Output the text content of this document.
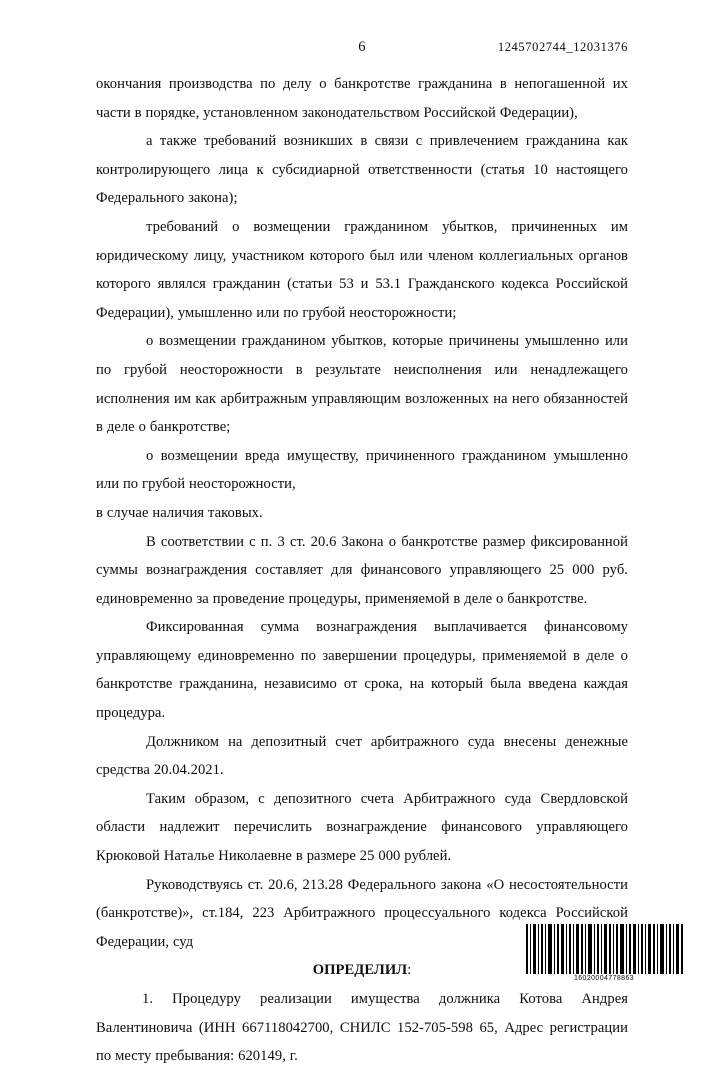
6	1245702744_12031376

окончания производства по делу о банкротстве гражданина в непогашенной их части в порядке, установленном законодательством Российской Федерации),

а также требований возникших в связи с привлечением гражданина как контролирующего лица к субсидиарной ответственности (статья 10 настоящего Федерального закона);

требований о возмещении гражданином убытков, причиненных им юридическому лицу, участником которого был или членом коллегиальных органов которого являлся гражданин (статьи 53 и 53.1 Гражданского кодекса Российской Федерации), умышленно или по грубой неосторожности;

о возмещении гражданином убытков, которые причинены умышленно или по грубой неосторожности в результате неисполнения или ненадлежащего исполнения им как арбитражным управляющим возложенных на него обязанностей в деле о банкротстве;

о возмещении вреда имуществу, причиненного гражданином умышленно или по грубой неосторожности,

в случае наличия таковых.

В соответствии с п. 3 ст. 20.6 Закона о банкротстве размер фиксированной суммы вознаграждения составляет для финансового управляющего 25 000 руб. единовременно за проведение процедуры, применяемой в деле о банкротстве.

Фиксированная сумма вознаграждения выплачивается финансовому управляющему единовременно по завершении процедуры, применяемой в деле о банкротстве гражданина, независимо от срока, на который была введена каждая процедура.

Должником на депозитный счет арбитражного суда внесены денежные средства 20.04.2021.

Таким образом, с депозитного счета Арбитражного суда Свердловской области надлежит перечислить вознаграждение финансового управляющего Крюковой Наталье Николаевне в размере 25 000 рублей.

Руководствуясь ст. 20.6, 213.28 Федерального закона «О несостоятельности (банкротстве)», ст.184, 223 Арбитражного процессуального кодекса Российской Федерации, суд

ОПРЕДЕЛИЛ:

1. Процедуру реализации имущества должника Котова Андрея Валентиновича (ИНН 667118042700, СНИЛС 152-705-598 65, Адрес регистрации по месту пребывания: 620149, г.

16020004778863
